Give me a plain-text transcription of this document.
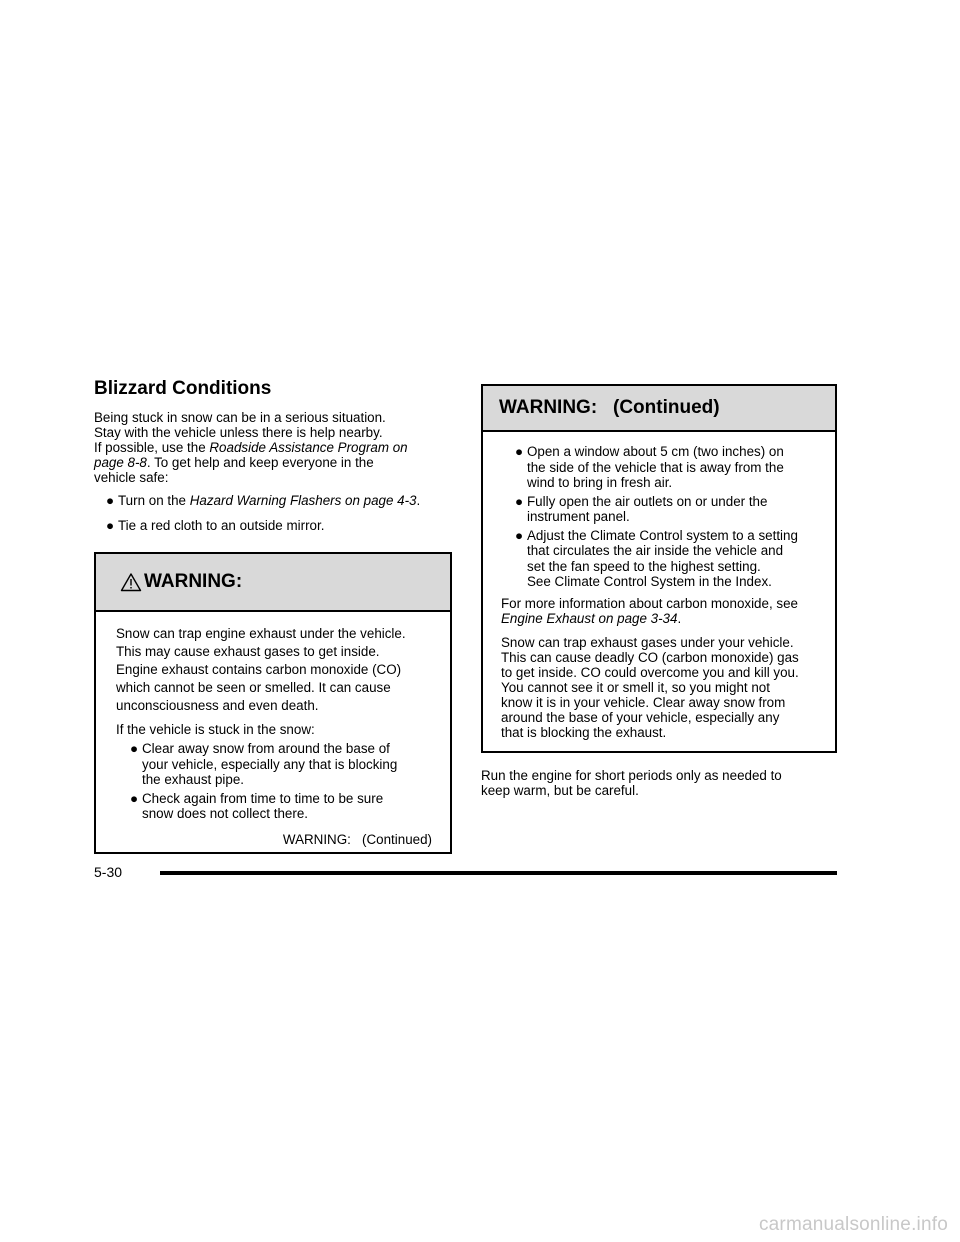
Blizzard Conditions

Being stuck in snow can be in a serious situation.

Stay with the vehicle unless there is help nearby.

If possible, use the Roadside Assistance Program on

page 8-8. To get help and keep everyone in the

vehicle safe:

● Turn on the Hazard Warning Flashers on page 4-3.
● Tie a red cloth to an outside mirror.
WARNING:

Snow can trap engine exhaust under the vehicle.

This may cause exhaust gases to get inside.

Engine exhaust contains carbon monoxide (CO)

which cannot be seen or smelled. It can cause

unconsciousness and even death.

If the vehicle is stuck in the snow:

● Clear away snow from around the base of
your vehicle, especially any that is blocking
the exhaust pipe.
● Check again from time to time to be sure
snow does not collect there.
WARNING:   (Continued)
WARNING:   (Continued)
● Open a window about 5 cm (two inches) on
the side of the vehicle that is away from the
wind to bring in fresh air.
● Fully open the air outlets on or under the
instrument panel.
● Adjust the Climate Control system to a setting
that circulates the air inside the vehicle and
set the fan speed to the highest setting.
See Climate Control System in the Index.

For more information about carbon monoxide, see

Engine Exhaust on page 3-34.

Snow can trap exhaust gases under your vehicle.

This can cause deadly CO (carbon monoxide) gas

to get inside. CO could overcome you and kill you.

You cannot see it or smell it, so you might not

know it is in your vehicle. Clear away snow from

around the base of your vehicle, especially any

that is blocking the exhaust.

Run the engine for short periods only as needed to

keep warm, but be careful.

5-30
carmanualsonline.info
